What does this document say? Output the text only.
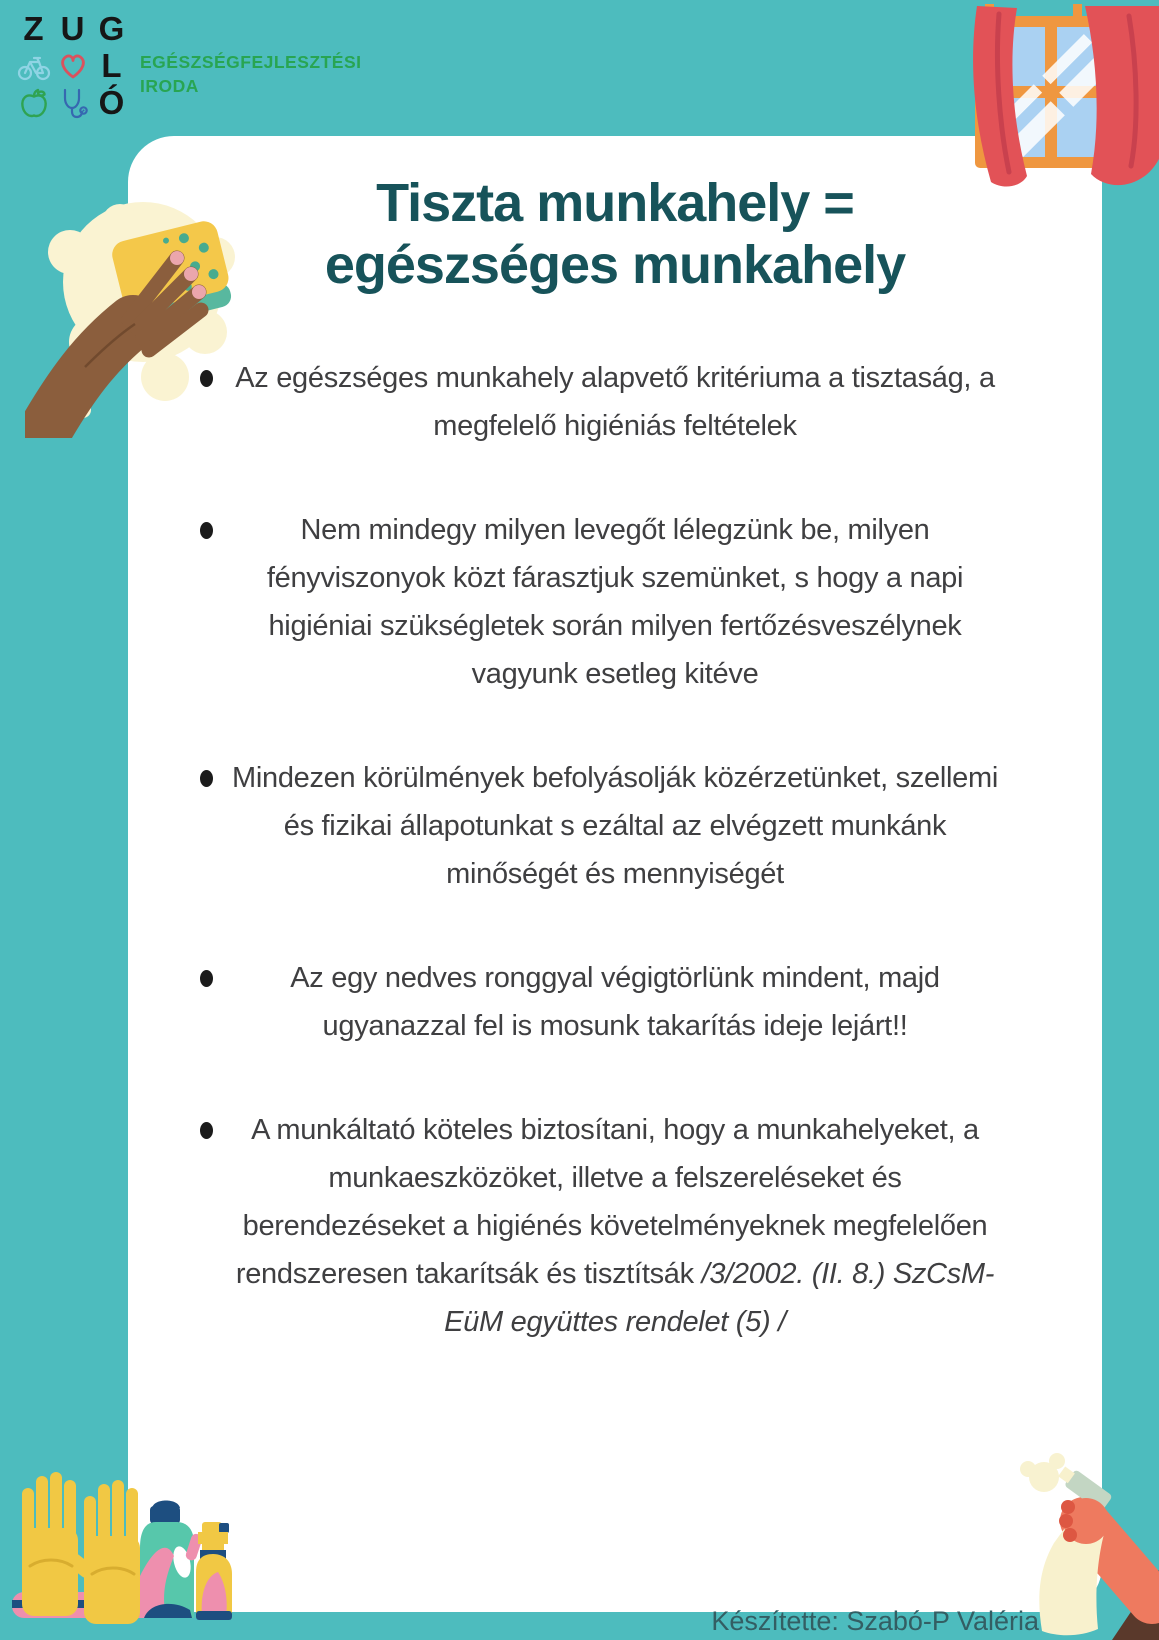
Z U G
L
Ó
EGÉSZSÉGFEJLESZTÉSI
IRODA
Tiszta munkahely =
egészséges munkahely
Az egészséges munkahely alapvető kritériuma a tisztaság, a megfelelő higiéniás feltételek
Nem mindegy milyen levegőt lélegzünk be, milyen fényviszonyok közt fárasztjuk szemünket, s hogy a napi higiéniai szükségletek során milyen fertőzésveszélynek vagyunk esetleg kitéve
Mindezen körülmények befolyásolják közérzetünket, szellemi és fizikai állapotunkat s ezáltal az elvégzett munkánk minőségét és mennyiségét
Az egy nedves ronggyal végigtörlünk mindent, majd ugyanazzal fel is mosunk takarítás ideje lejárt!!
A munkáltató köteles biztosítani, hogy a munkahelyeket, a munkaeszközöket, illetve a felszereléseket és berendezéseket a higiénés követelményeknek megfelelően rendszeresen takarítsák és tisztítsák /3/2002. (II. 8.) SzCsM-EüM együttes rendelet (5) /
Készítette: Szabó-P Valéria
